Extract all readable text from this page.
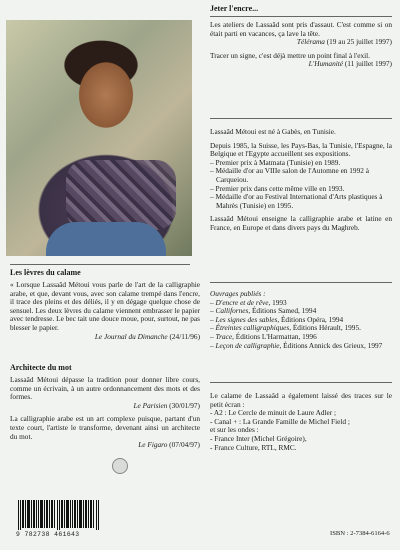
Jeter l'encre...

Les ateliers de Lassaâd sont pris d'assaut. C'est comme si on était parti en vacances, ça lave la tête.

Télérama (19 au 25 juillet 1997)

Tracer un signe, c'est déjà mettre un point final à l'exil.

L'Humanité (11 juillet 1997)

Lassaâd Métoui est né à Gabès, en Tunisie.

Depuis 1985, la Suisse, les Pays-Bas, la Tunisie, l'Espagne, la Belgique et l'Egypte accueillent ses expositions.

– Premier prix à Matmata (Tunisie) en 1989.
– Médaille d'or au VIIIe salon de l'Automne en 1992 à Carqueiou.
– Premier prix dans cette même ville en 1993.
– Médaille d'or au Festival International d'Arts plastiques à Mahrès (Tunisie) en 1995.

Lassaâd Métoui enseigne la calligraphie arabe et latine en France, en Europe et dans divers pays du Maghreb.

Ouvrages publiés :
– D'encre et de rêve, 1993
– Callifornes, Éditions Samed, 1994
– Les signes des sables, Éditions Opéra, 1994
– Étreintes calligraphiques, Éditions Hérault, 1995.
– Trace, Éditions L'Harmattan, 1996
– Leçon de calligraphie, Éditions Annick des Grieux, 1997

Le calame de Lassaâd a également laissé des traces sur le petit écran :

- A2 : Le Cercle de minuit de Laure Adler ;
- Canal + : La Grande Famille de Michel Field ;

et sur les ondes :

- France Inter (Michel Grégoire),
- France Culture, RTL, RMC.
Les lèvres du calame

« Lorsque Lassaâd Métoui vous parle de l'art de la calligraphie arabe, et que, devant vous, avec son calame trempé dans l'encre, il trace des pleins et des déliés, il y en dégage quelque chose de sensuel. Les deux lèvres du calame viennent embrasser le papier avec tendresse. Le bec tait une douce moue, pour, surtout, ne pas blesser le papier.

Le Journal du Dimanche (24/11/96)

Architecte du mot

Lassaâd Métoui dépasse la tradition pour donner libre cours, comme un écrivain, à un autre ordonnancement des mots et des formes.

Le Parisien (30/01/97)

La calligraphie arabe est un art complexe puisque, partant d'un texte court, l'artiste le transforme, devenant ainsi un architecte du mot.

Le Figaro (07/04/97)

9 782738 461643	ISBN : 2-7384-6164-6
